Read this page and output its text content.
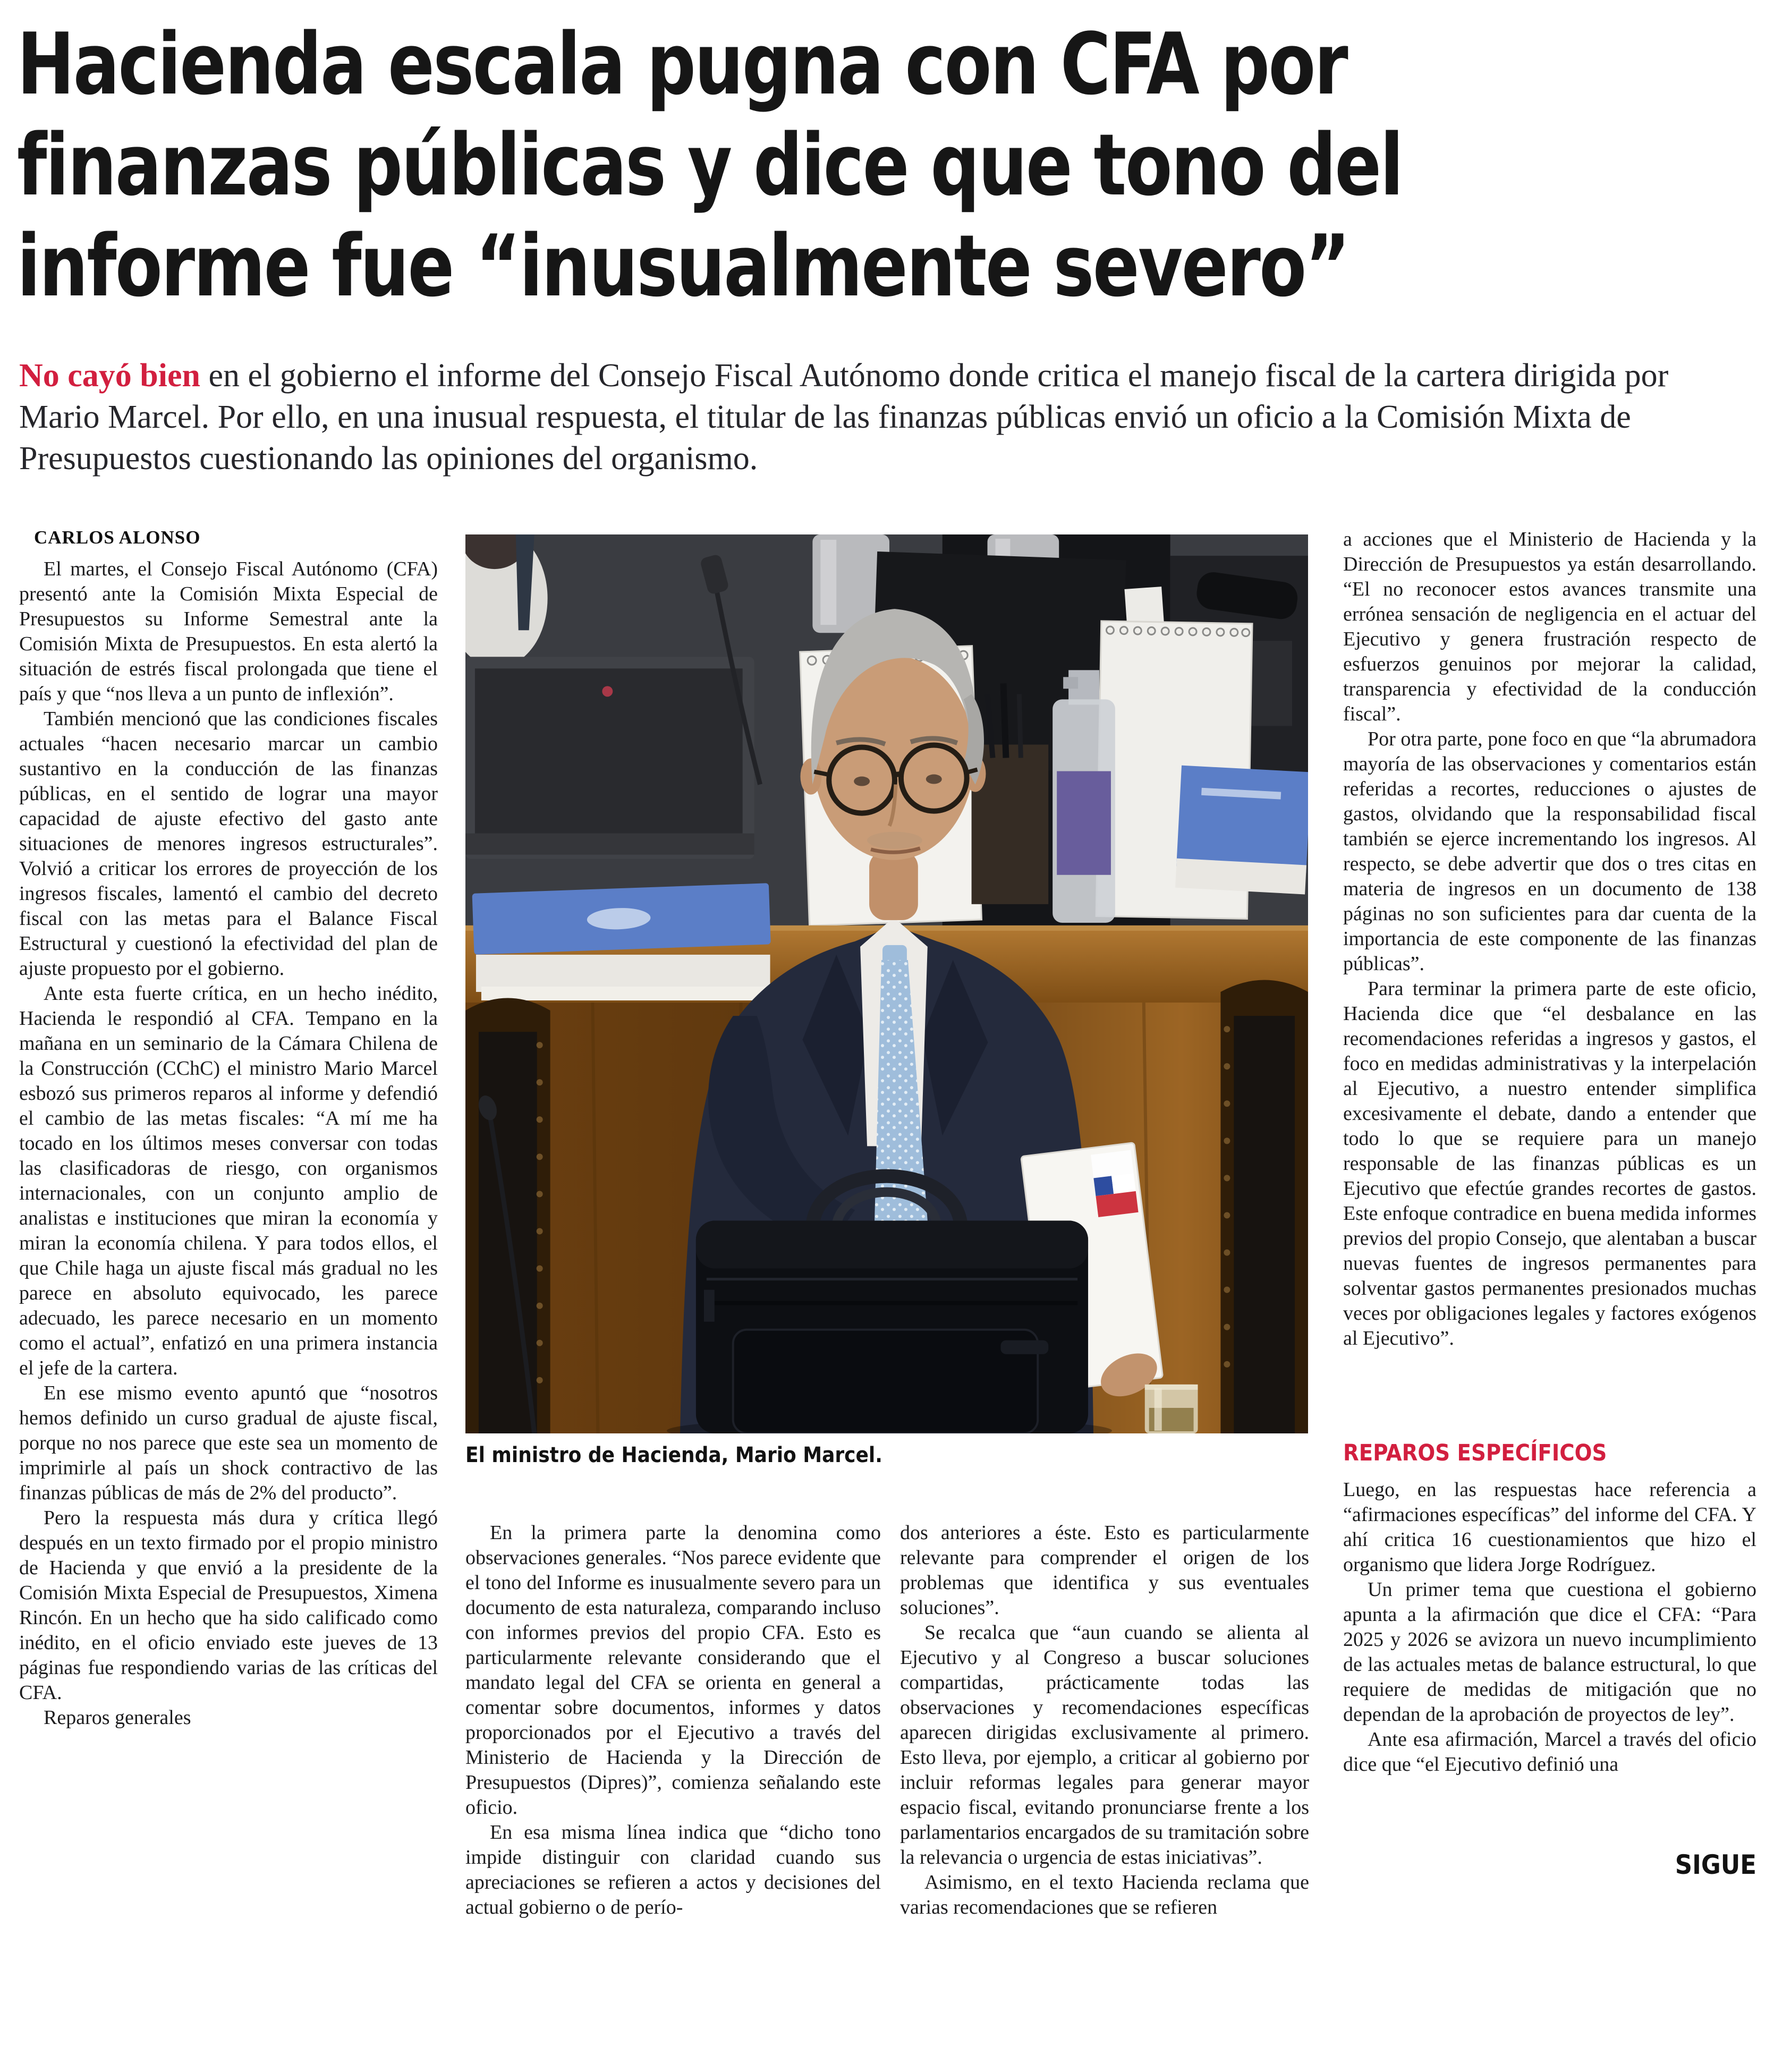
Hacienda escala pugna con CFA por
finanzas públicas y dice que tono del
informe fue “inusualmente severo”

No cayó bien en el gobierno el informe del Consejo Fiscal Autónomo donde critica el manejo fiscal de la cartera dirigida por Mario Marcel. Por ello, en una inusual respuesta, el titular de las finanzas públicas envió un oficio a la Comisión Mixta de Presupuestos cuestionando las opiniones del organismo.

CARLOS ALONSO

El martes, el Consejo Fiscal Autónomo (CFA) presentó ante la Comisión Mixta Especial de Presupuestos su Informe Semestral ante la Comisión Mixta de Presupuestos. En esta alertó la situación de estrés fiscal prolongada que tiene el país y que “nos lleva a un punto de inflexión”.

También mencionó que las condiciones fiscales actuales “hacen necesario marcar un cambio sustantivo en la conducción de las finanzas públicas, en el sentido de lograr una mayor capacidad de ajuste efectivo del gasto ante situaciones de menores ingresos estructurales”. Volvió a criticar los errores de proyección de los ingresos fiscales, lamentó el cambio del decreto fiscal con las metas para el Balance Fiscal Estructural y cuestionó la efectividad del plan de ajuste propuesto por el gobierno.

Ante esta fuerte crítica, en un hecho inédito, Hacienda le respondió al CFA. Tempano en la mañana en un seminario de la Cámara Chilena de la Construcción (CChC) el ministro Mario Marcel esbozó sus primeros reparos al informe y defendió el cambio de las metas fiscales: “A mí me ha tocado en los últimos meses conversar con todas las clasificadoras de riesgo, con organismos internacionales, con un conjunto amplio de analistas e instituciones que miran la economía y miran la economía chilena. Y para todos ellos, el que Chile haga un ajuste fiscal más gradual no les parece en absoluto equivocado, les parece adecuado, les parece necesario en un momento como el actual”, enfatizó en una primera instancia el jefe de la cartera.

En ese mismo evento apuntó que “nosotros hemos definido un curso gradual de ajuste fiscal, porque no nos parece que este sea un momento de imprimirle al país un shock contractivo de las finanzas públicas de más de 2% del producto”.

Pero la respuesta más dura y crítica llegó después en un texto firmado por el propio ministro de Hacienda y que envió a la presidente de la Comisión Mixta Especial de Presupuestos, Ximena Rincón. En un hecho que ha sido calificado como inédito, en el oficio enviado este jueves de 13 páginas fue respondiendo varias de las críticas del CFA.

Reparos generales

El ministro de Hacienda, Mario Marcel.

En la primera parte la denomina como observaciones generales. “Nos parece evidente que el tono del Informe es inusualmente severo para un documento de esta naturaleza, comparando incluso con informes previos del propio CFA. Esto es particularmente relevante considerando que el mandato legal del CFA se orienta en general a comentar sobre documentos, informes y datos proporcionados por el Ejecutivo a través del Ministerio de Hacienda y la Dirección de Presupuestos (Dipres)”, comienza señalando este oficio.

En esa misma línea indica que “dicho tono impide distinguir con claridad cuando sus apreciaciones se refieren a actos y decisiones del actual gobierno o de perío-

dos anteriores a éste. Esto es particularmente relevante para comprender el origen de los problemas que identifica y sus eventuales soluciones”.

Se recalca que “aun cuando se alienta al Ejecutivo y al Congreso a buscar soluciones compartidas, prácticamente todas las observaciones y recomendaciones específicas aparecen dirigidas exclusivamente al primero. Esto lleva, por ejemplo, a criticar al gobierno por incluir reformas legales para generar mayor espacio fiscal, evitando pronunciarse frente a los parlamentarios encargados de su tramitación sobre la relevancia o urgencia de estas iniciativas”.

Asimismo, en el texto Hacienda reclama que varias recomendaciones que se refieren

a acciones que el Ministerio de Hacienda y la Dirección de Presupuestos ya están desarrollando. “El no reconocer estos avances transmite una errónea sensación de negligencia en el actuar del Ejecutivo y genera frustración respecto de esfuerzos genuinos por mejorar la calidad, transparencia y efectividad de la conducción fiscal”.

Por otra parte, pone foco en que “la abrumadora mayoría de las observaciones y comentarios están referidas a recortes, reducciones o ajustes de gastos, olvidando que la responsabilidad fiscal también se ejerce incrementando los ingresos. Al respecto, se debe advertir que dos o tres citas en materia de ingresos en un documento de 138 páginas no son suficientes para dar cuenta de la importancia de este componente de las finanzas públicas”.

Para terminar la primera parte de este oficio, Hacienda dice que “el desbalance en las recomendaciones referidas a ingresos y gastos, el foco en medidas administrativas y la interpelación al Ejecutivo, a nuestro entender simplifica excesivamente el debate, dando a entender que todo lo que se requiere para un manejo responsable de las finanzas públicas es un Ejecutivo que efectúe grandes recortes de gastos. Este enfoque contradice en buena medida informes previos del propio Consejo, que alentaban a buscar nuevas fuentes de ingresos permanentes para solventar gastos permanentes presionados muchas veces por obligaciones legales y factores exógenos al Ejecutivo”.

REPAROS ESPECÍFICOS

Luego, en las respuestas hace referencia a “afirmaciones específicas” del informe del CFA. Y ahí critica 16 cuestionamientos que hizo el organismo que lidera Jorge Rodríguez.

Un primer tema que cuestiona el gobierno apunta a la afirmación que dice el CFA: “Para 2025 y 2026 se avizora un nuevo incumplimiento de las actuales metas de balance estructural, lo que requiere de medidas de mitigación que no dependan de la aprobación de proyectos de ley”.

Ante esa afirmación, Marcel a través del oficio dice que “el Ejecutivo definió una

SIGUE
